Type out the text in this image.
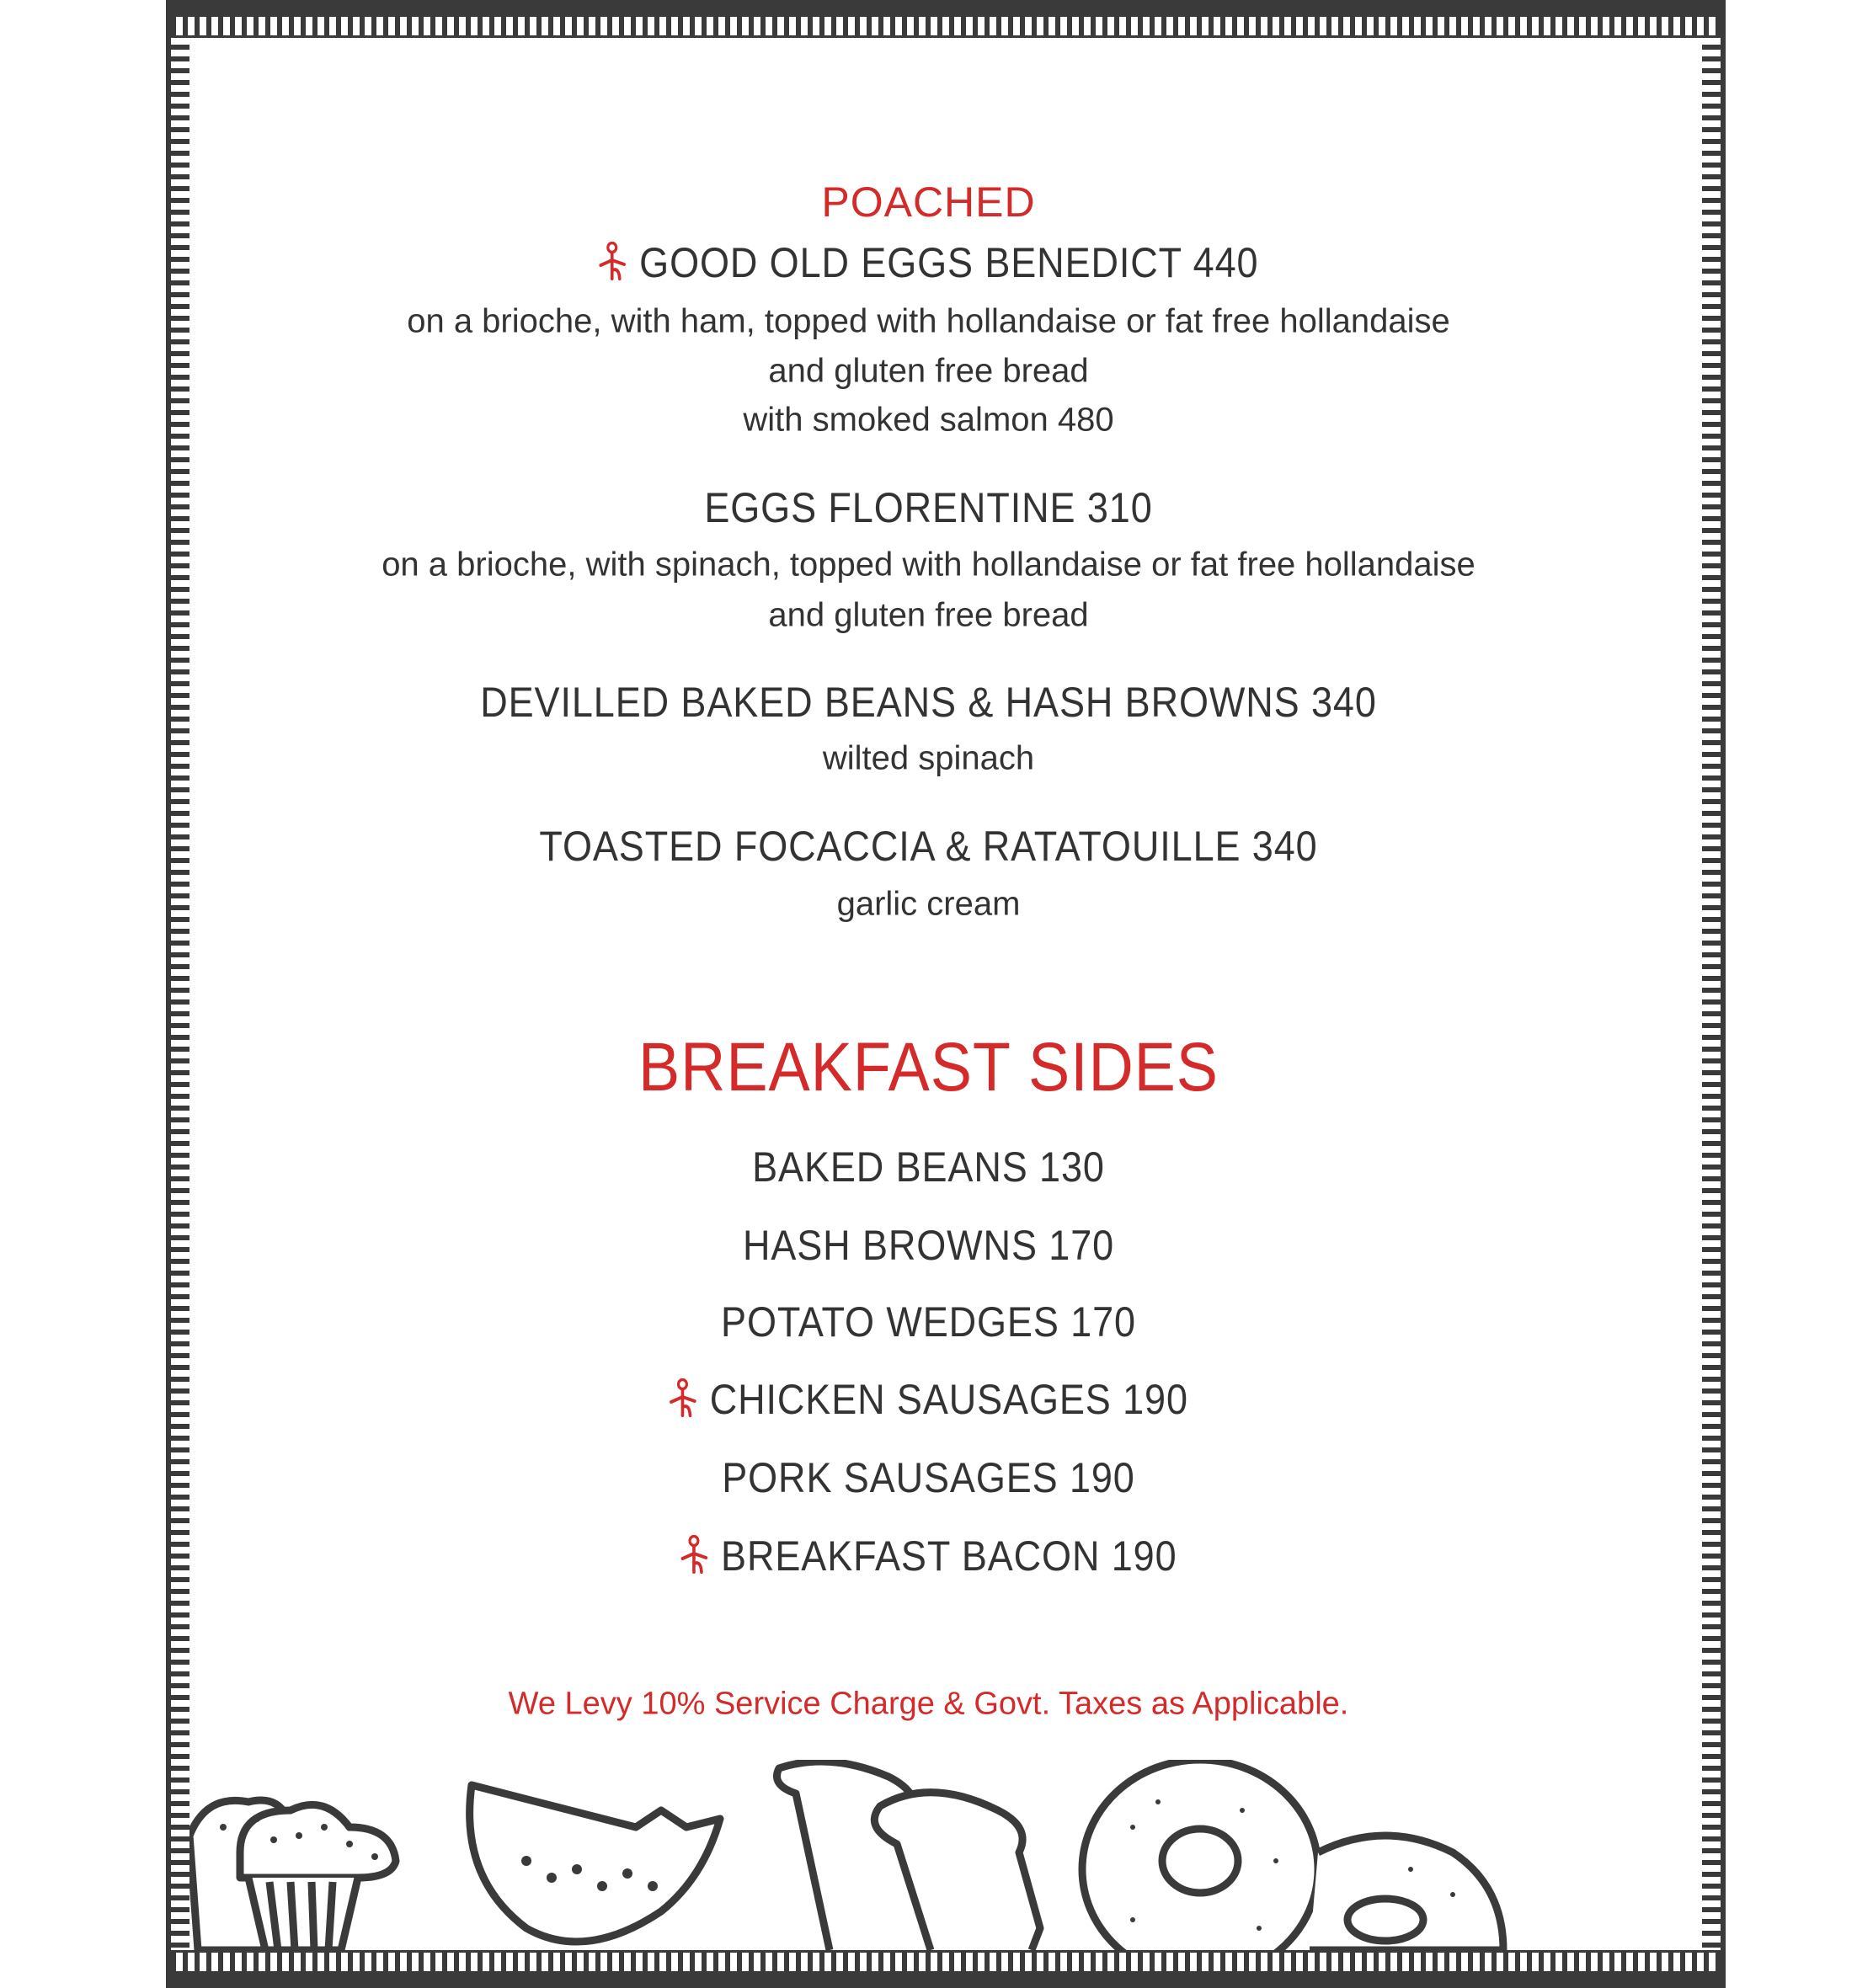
POACHED
GOOD OLD EGGS BENEDICT 440
on a brioche, with ham, topped with hollandaise or fat free hollandaise
and gluten free bread
with smoked salmon 480
EGGS FLORENTINE 310
on a brioche, with spinach, topped with hollandaise or fat free hollandaise
and gluten free bread
DEVILLED BAKED BEANS & HASH BROWNS 340
wilted spinach
TOASTED FOCACCIA & RATATOUILLE 340
garlic cream
BREAKFAST SIDES
BAKED BEANS 130
HASH BROWNS 170
POTATO WEDGES 170
CHICKEN SAUSAGES 190
PORK SAUSAGES 190
BREAKFAST BACON 190
We Levy 10% Service Charge & Govt. Taxes as Applicable.
